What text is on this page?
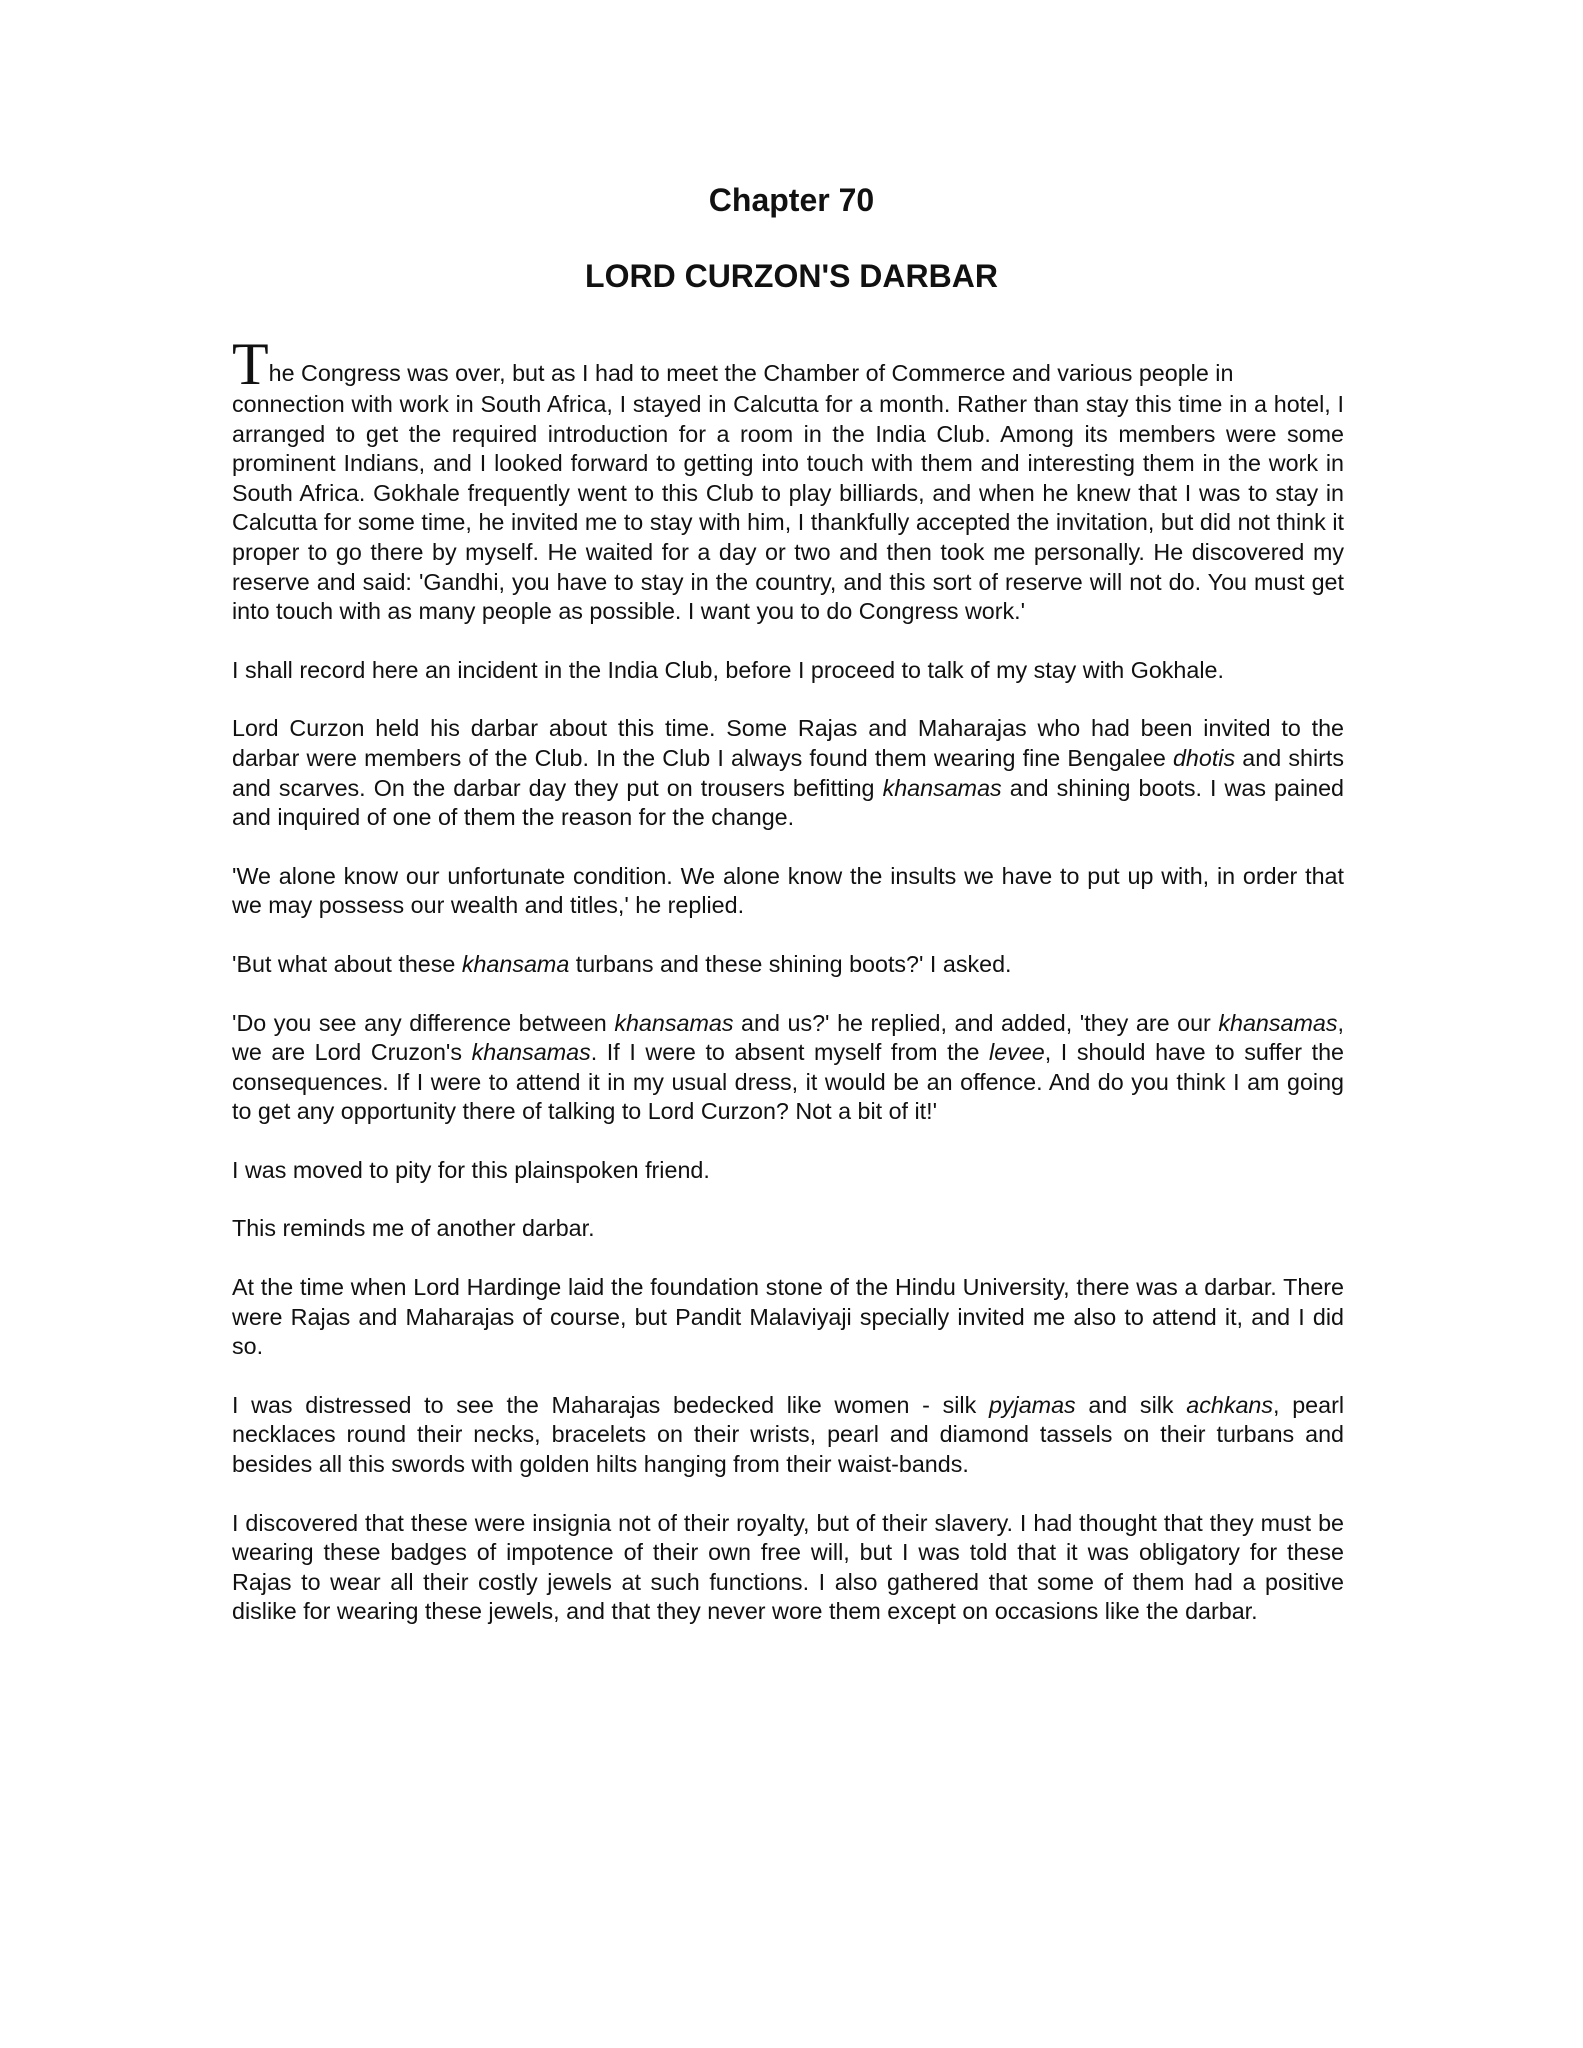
Chapter 70
LORD CURZON'S DARBAR

The Congress was over, but as I had to meet the Chamber of Commerce and various people in
connection with work in South Africa, I stayed in Calcutta for a month. Rather than stay this time in a hotel, I arranged to get the required introduction for a room in the India Club. Among its members were some prominent Indians, and I looked forward to getting into touch with them and interesting them in the work in South Africa. Gokhale frequently went to this Club to play billiards, and when he knew that I was to stay in Calcutta for some time, he invited me to stay with him, I thankfully accepted the invitation, but did not think it proper to go there by myself. He waited for a day or two and then took me personally. He discovered my reserve and said: 'Gandhi, you have to stay in the country, and this sort of reserve will not do. You must get into touch with as many people as possible. I want you to do Congress work.'

I shall record here an incident in the India Club, before I proceed to talk of my stay with Gokhale.

Lord Curzon held his darbar about this time. Some Rajas and Maharajas who had been invited to the darbar were members of the Club. In the Club I always found them wearing fine Bengalee dhotis and shirts and scarves. On the darbar day they put on trousers befitting khansamas and shining boots. I was pained and inquired of one of them the reason for the change.

'We alone know our unfortunate condition. We alone know the insults we have to put up with, in order that we may possess our wealth and titles,' he replied.

'But what about these khansama turbans and these shining boots?' I asked.

'Do you see any difference between khansamas and us?' he replied, and added, 'they are our khansamas, we are Lord Cruzon's khansamas. If I were to absent myself from the levee, I should have to suffer the consequences. If I were to attend it in my usual dress, it would be an offence. And do you think I am going to get any opportunity there of talking to Lord Curzon? Not a bit of it!'

I was moved to pity for this plainspoken friend.

This reminds me of another darbar.

At the time when Lord Hardinge laid the foundation stone of the Hindu University, there was a darbar. There were Rajas and Maharajas of course, but Pandit Malaviyaji specially invited me also to attend it, and I did so.

I was distressed to see the Maharajas bedecked like women - silk pyjamas and silk achkans, pearl necklaces round their necks, bracelets on their wrists, pearl and diamond tassels on their turbans and besides all this swords with golden hilts hanging from their waist-bands.

I discovered that these were insignia not of their royalty, but of their slavery. I had thought that they must be wearing these badges of impotence of their own free will, but I was told that it was obligatory for these Rajas to wear all their costly jewels at such functions. I also gathered that some of them had a positive dislike for wearing these jewels, and that they never wore them except on occasions like the darbar.
